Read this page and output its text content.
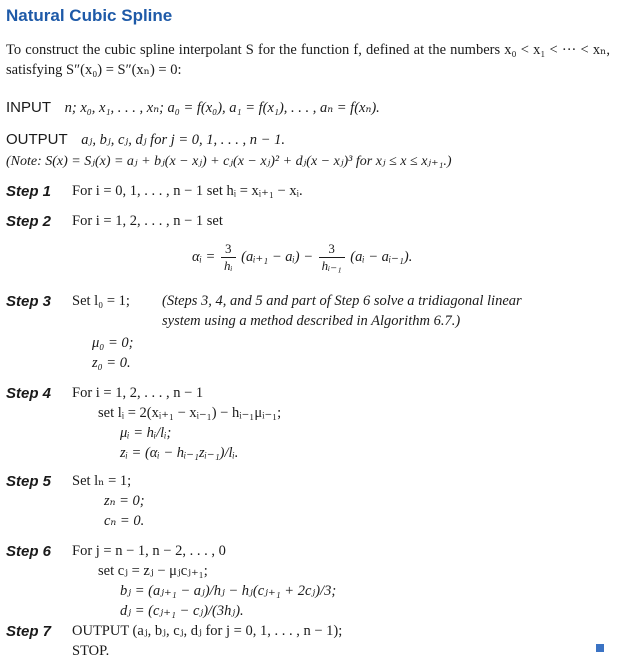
Natural Cubic Spline
To construct the cubic spline interpolant S for the function f, defined at the numbers x₀ < x₁ < ··· < xₙ, satisfying S″(x₀) = S″(xₙ) = 0:
INPUT n; x₀, x₁, . . . , xₙ; a₀ = f(x₀), a₁ = f(x₁), . . . , aₙ = f(xₙ).
OUTPUT aⱼ, bⱼ, cⱼ, dⱼ for j = 0, 1, . . . , n − 1.
(Note: S(x) = Sⱼ(x) = aⱼ + bⱼ(x − xⱼ) + cⱼ(x − xⱼ)² + dⱼ(x − xⱼ)³ for xⱼ ≤ x ≤ xⱼ₊₁.)
Step 1 For i = 0, 1, . . . , n − 1 set hᵢ = xᵢ₊₁ − xᵢ.
Step 2 For i = 1, 2, . . . , n − 1 set
αᵢ = $\frac{3}{\text{hᵢ}}$ (aᵢ₊₁ − aᵢ) − $\frac{3}{\text{hᵢ₋₁}}$ (aᵢ − aᵢ₋₁).
Step 3 Set l₀ = 1; (Steps 3, 4, and 5 and part of Step 6 solve a tridiagonal linear
system using a method described in Algorithm 6.7.)
μ₀ = 0;
z₀ = 0.
Step 4 For i = 1, 2, . . . , n − 1
set lᵢ = 2(xᵢ₊₁ − xᵢ₋₁) − hᵢ₋₁μᵢ₋₁;
μᵢ = hᵢ/lᵢ;
zᵢ = (αᵢ − hᵢ₋₁zᵢ₋₁)/lᵢ.
Step 5 Set lₙ = 1;
zₙ = 0;
cₙ = 0.
Step 6 For j = n − 1, n − 2, . . . , 0
set cⱼ = zⱼ − μⱼcⱼ₊₁;
bⱼ = (aⱼ₊₁ − aⱼ)/hⱼ − hⱼ(cⱼ₊₁ + 2cⱼ)/3;
dⱼ = (cⱼ₊₁ − cⱼ)/(3hⱼ).
Step 7 OUTPUT (aⱼ, bⱼ, cⱼ, dⱼ for j = 0, 1, . . . , n − 1);
STOP.
